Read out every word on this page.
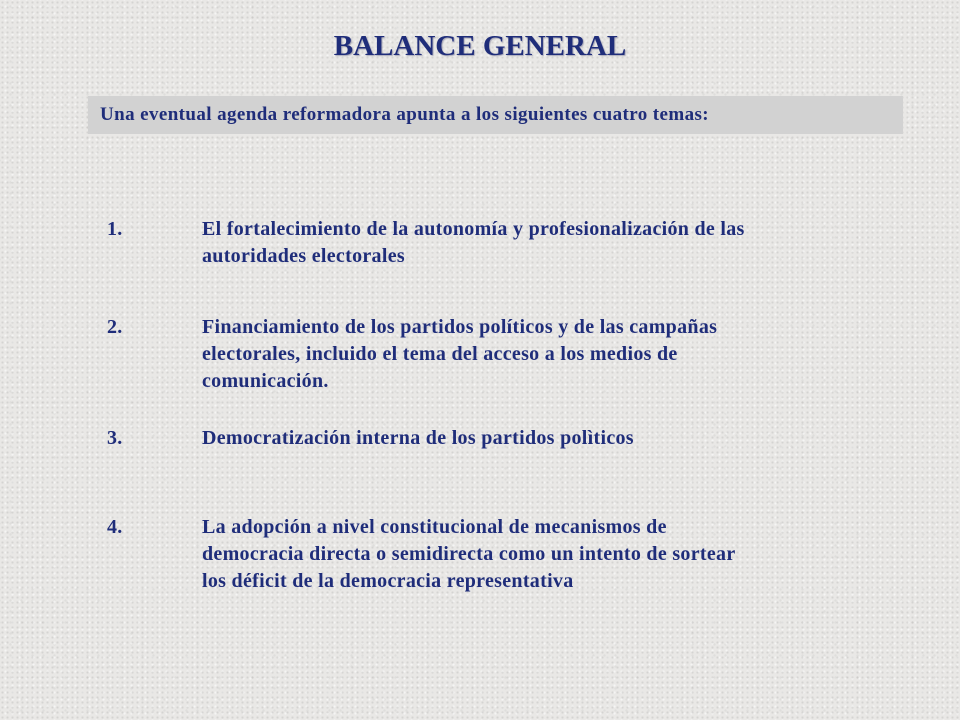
BALANCE GENERAL
Una eventual agenda reformadora apunta a los siguientes cuatro temas:
1.	El fortalecimiento de la autonomía y profesionalización de las
autoridades electorales
2.	Financiamiento de los partidos políticos y de las campañas
electorales, incluido el tema del acceso a los medios de
comunicación.
3.	Democratización interna de los partidos polìticos
4.	La adopción a nivel constitucional de mecanismos de
democracia directa o semidirecta como un intento de sortear
los déficit de la democracia representativa
